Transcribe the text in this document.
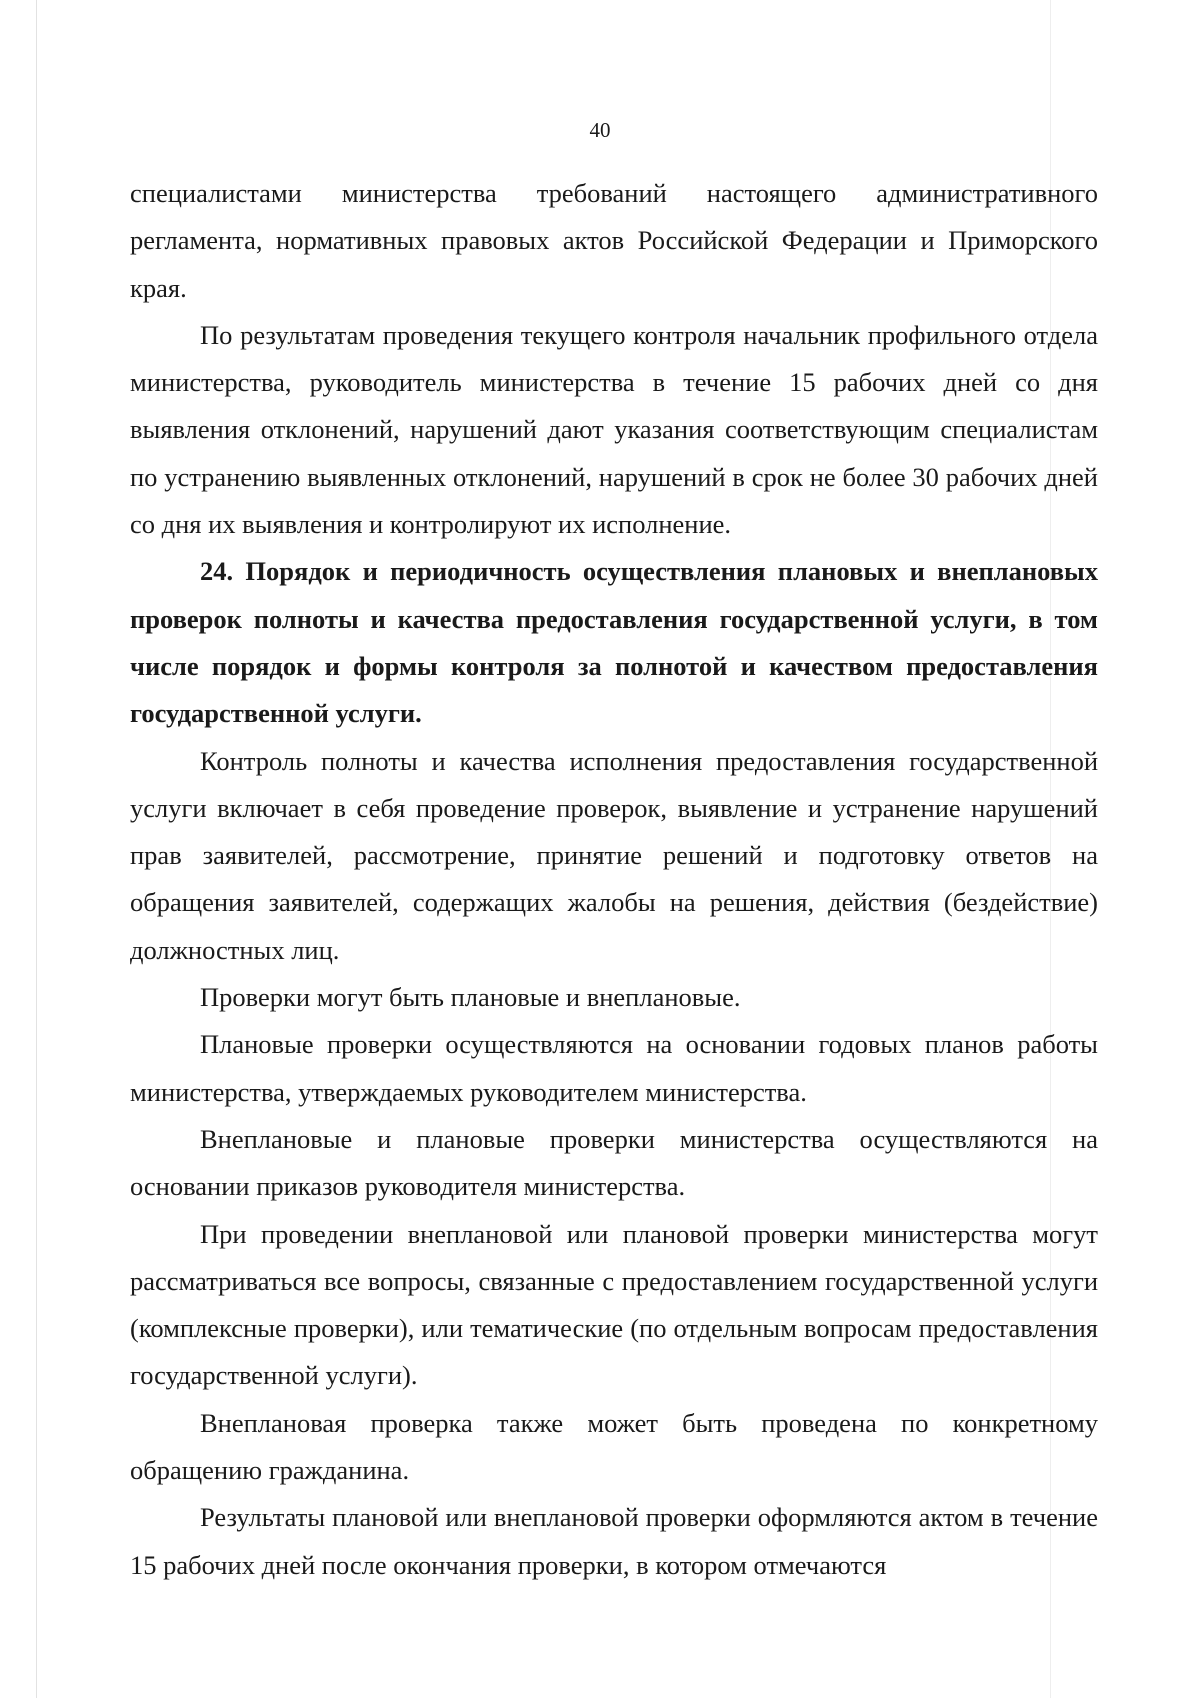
40

специалистами министерства требований настоящего административного регламента, нормативных правовых актов Российской Федерации и Приморского края.

По результатам проведения текущего контроля начальник профильного отдела министерства, руководитель министерства в течение 15 рабочих дней со дня выявления отклонений, нарушений дают указания соответствующим специалистам по устранению выявленных отклонений, нарушений в срок не более 30 рабочих дней со дня их выявления и контролируют их исполнение.

24. Порядок и периодичность осуществления плановых и внеплановых проверок полноты и качества предоставления государственной услуги, в том числе порядок и формы контроля за полнотой и качеством предоставления государственной услуги.

Контроль полноты и качества исполнения предоставления государственной услуги включает в себя проведение проверок, выявление и устранение нарушений прав заявителей, рассмотрение, принятие решений и подготовку ответов на обращения заявителей, содержащих жалобы на решения, действия (бездействие) должностных лиц.

Проверки могут быть плановые и внеплановые.

Плановые проверки осуществляются на основании годовых планов работы министерства, утверждаемых руководителем министерства.

Внеплановые и плановые проверки министерства осуществляются на основании приказов руководителя министерства.

При проведении внеплановой или плановой проверки министерства могут рассматриваться все вопросы, связанные с предоставлением государственной услуги (комплексные проверки), или тематические (по отдельным вопросам предоставления государственной услуги).

Внеплановая проверка также может быть проведена по конкретному обращению гражданина.

Результаты плановой или внеплановой проверки оформляются актом в течение 15 рабочих дней после окончания проверки, в котором отмечаются
